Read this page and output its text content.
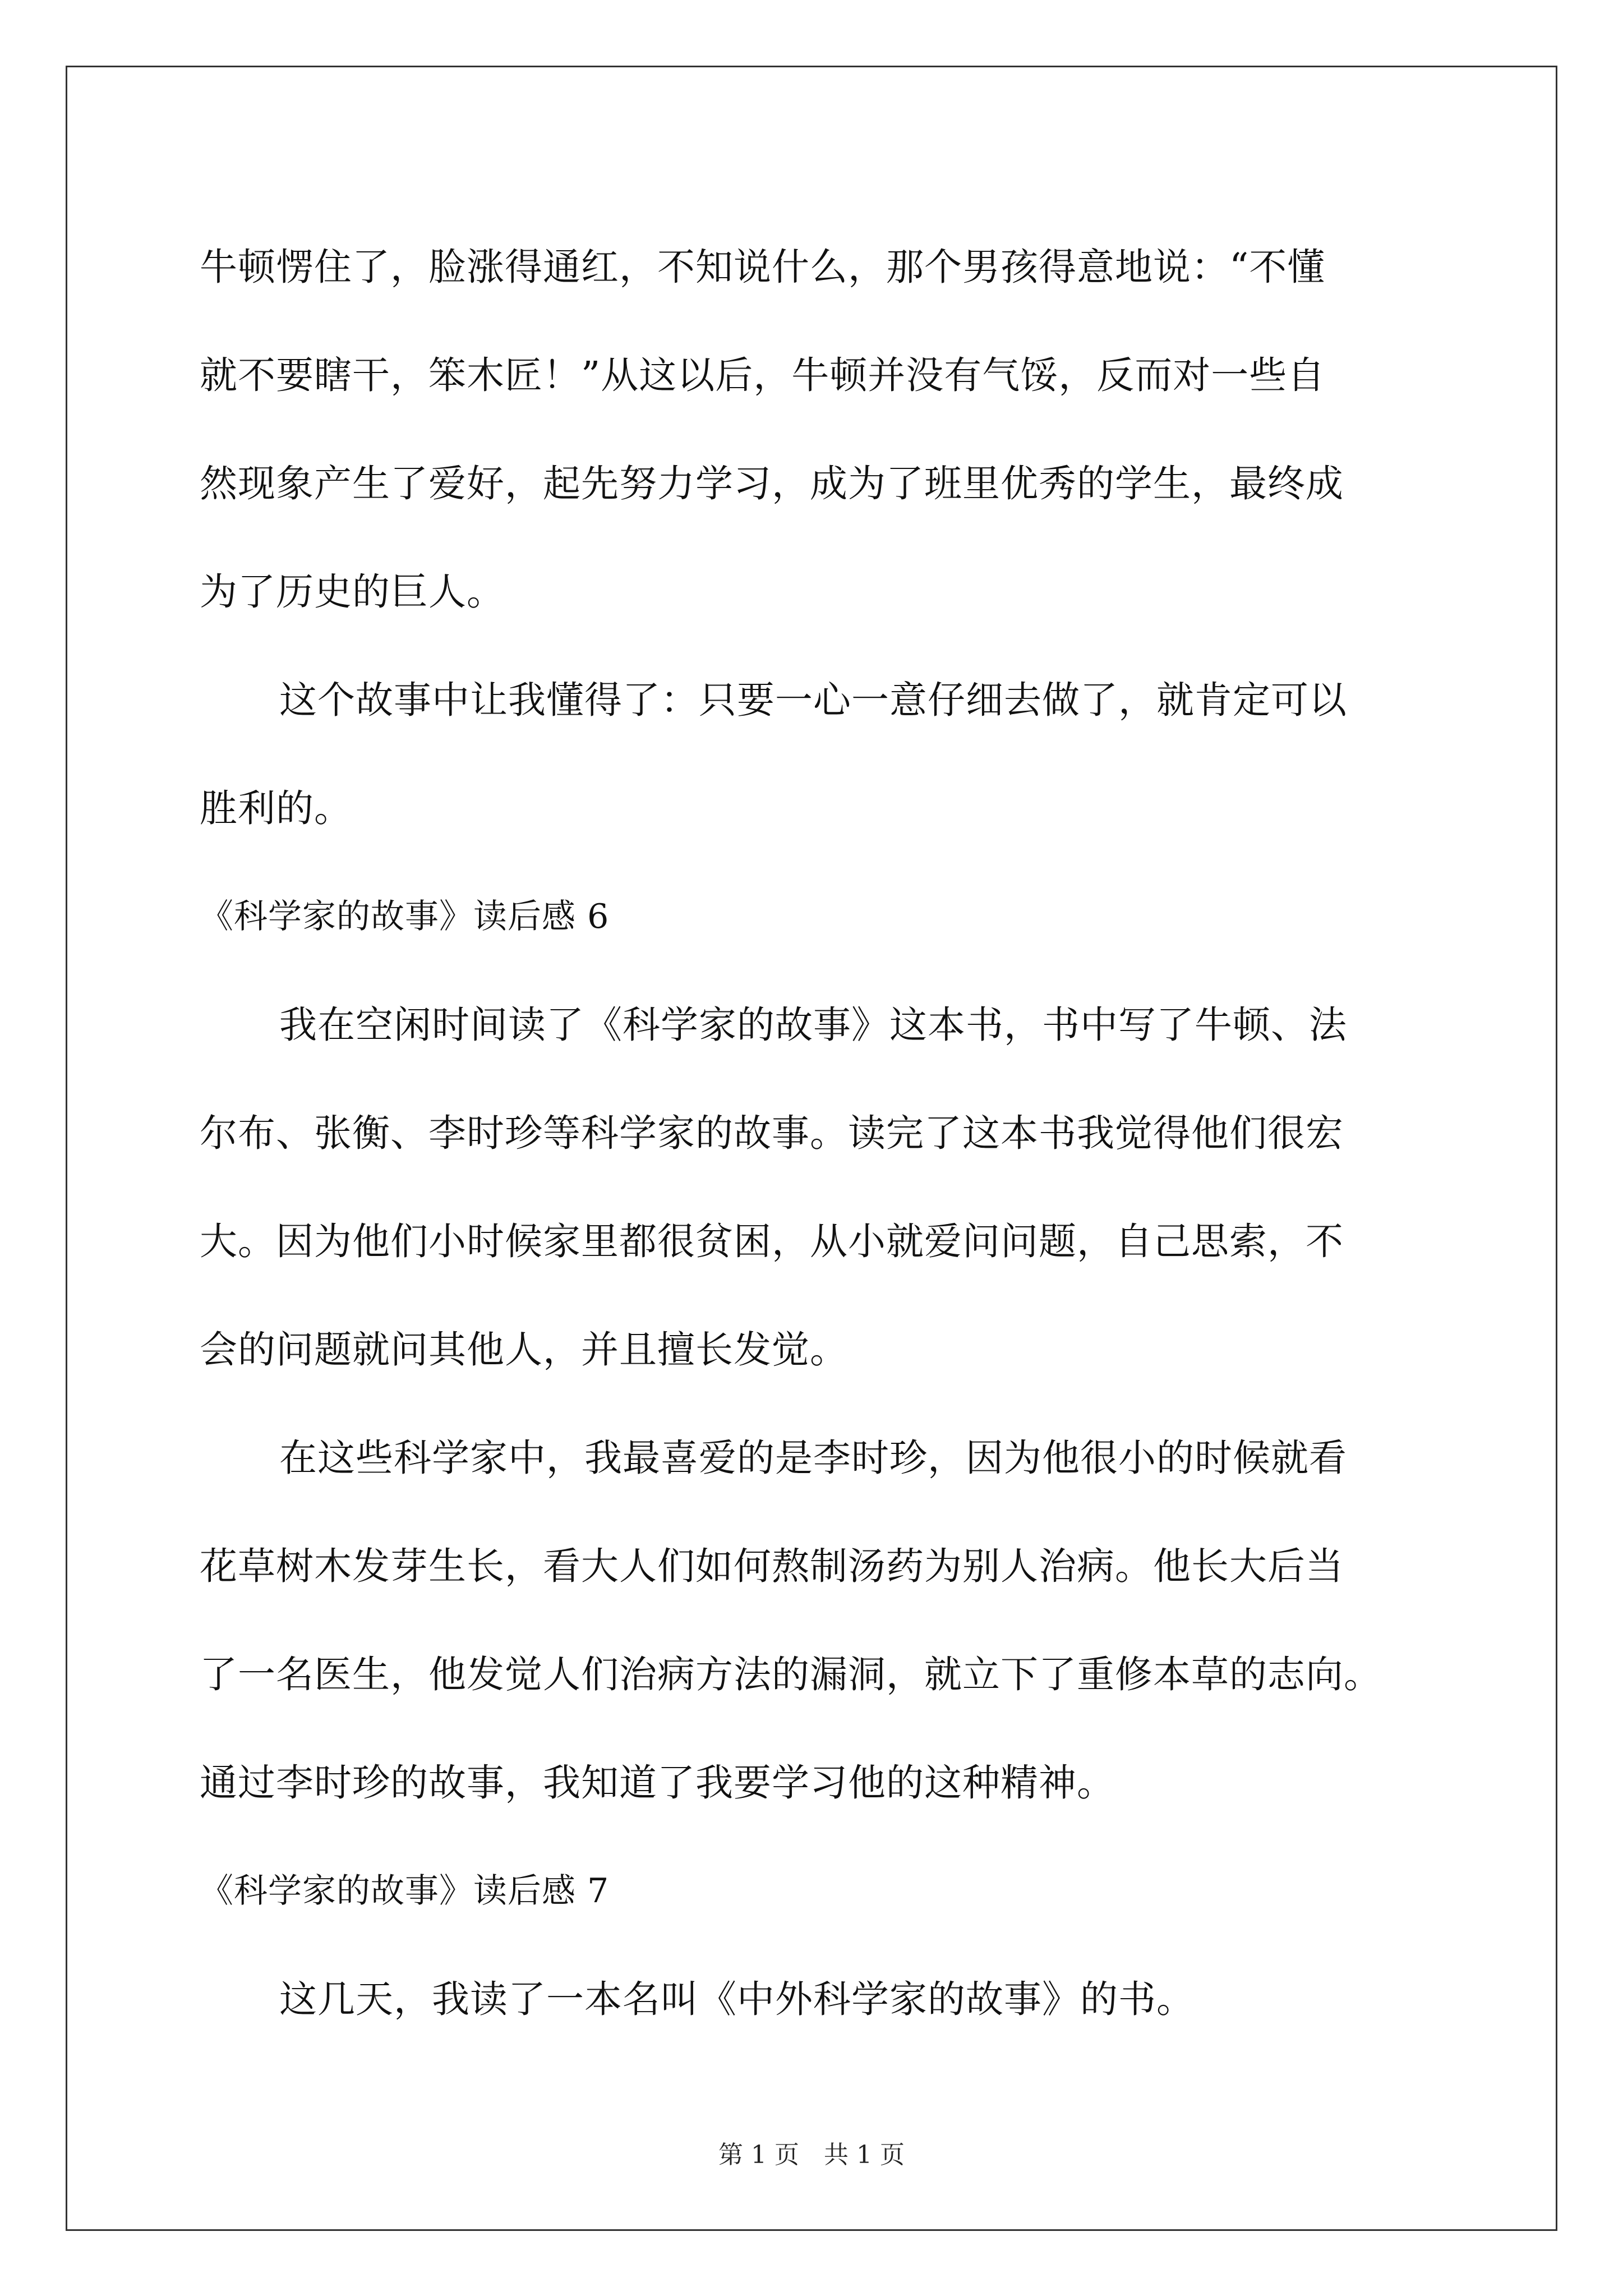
牛顿愣住了，脸涨得通红，不知说什么，那个男孩得意地说：“不懂
就不要瞎干，笨木匠！”从这以后，牛顿并没有气馁，反而对一些自
然现象产生了爱好，起先努力学习，成为了班里优秀的学生，最终成
为了历史的巨人。
这个故事中让我懂得了：只要一心一意仔细去做了，就肯定可以
胜利的。
《科学家的故事》读后感 6
我在空闲时间读了《科学家的故事》这本书，书中写了牛顿、法
尔布、张衡、李时珍等科学家的故事。读完了这本书我觉得他们很宏
大。因为他们小时候家里都很贫困，从小就爱问问题，自己思索，不
会的问题就问其他人，并且擅长发觉。
在这些科学家中，我最喜爱的是李时珍，因为他很小的时候就看
花草树木发芽生长，看大人们如何熬制汤药为别人治病。他长大后当
了一名医生，他发觉人们治病方法的漏洞，就立下了重修本草的志向。
通过李时珍的故事，我知道了我要学习他的这种精神。
《科学家的故事》读后感 7
这几天，我读了一本名叫《中外科学家的故事》的书。
第 1 页　共 1 页
